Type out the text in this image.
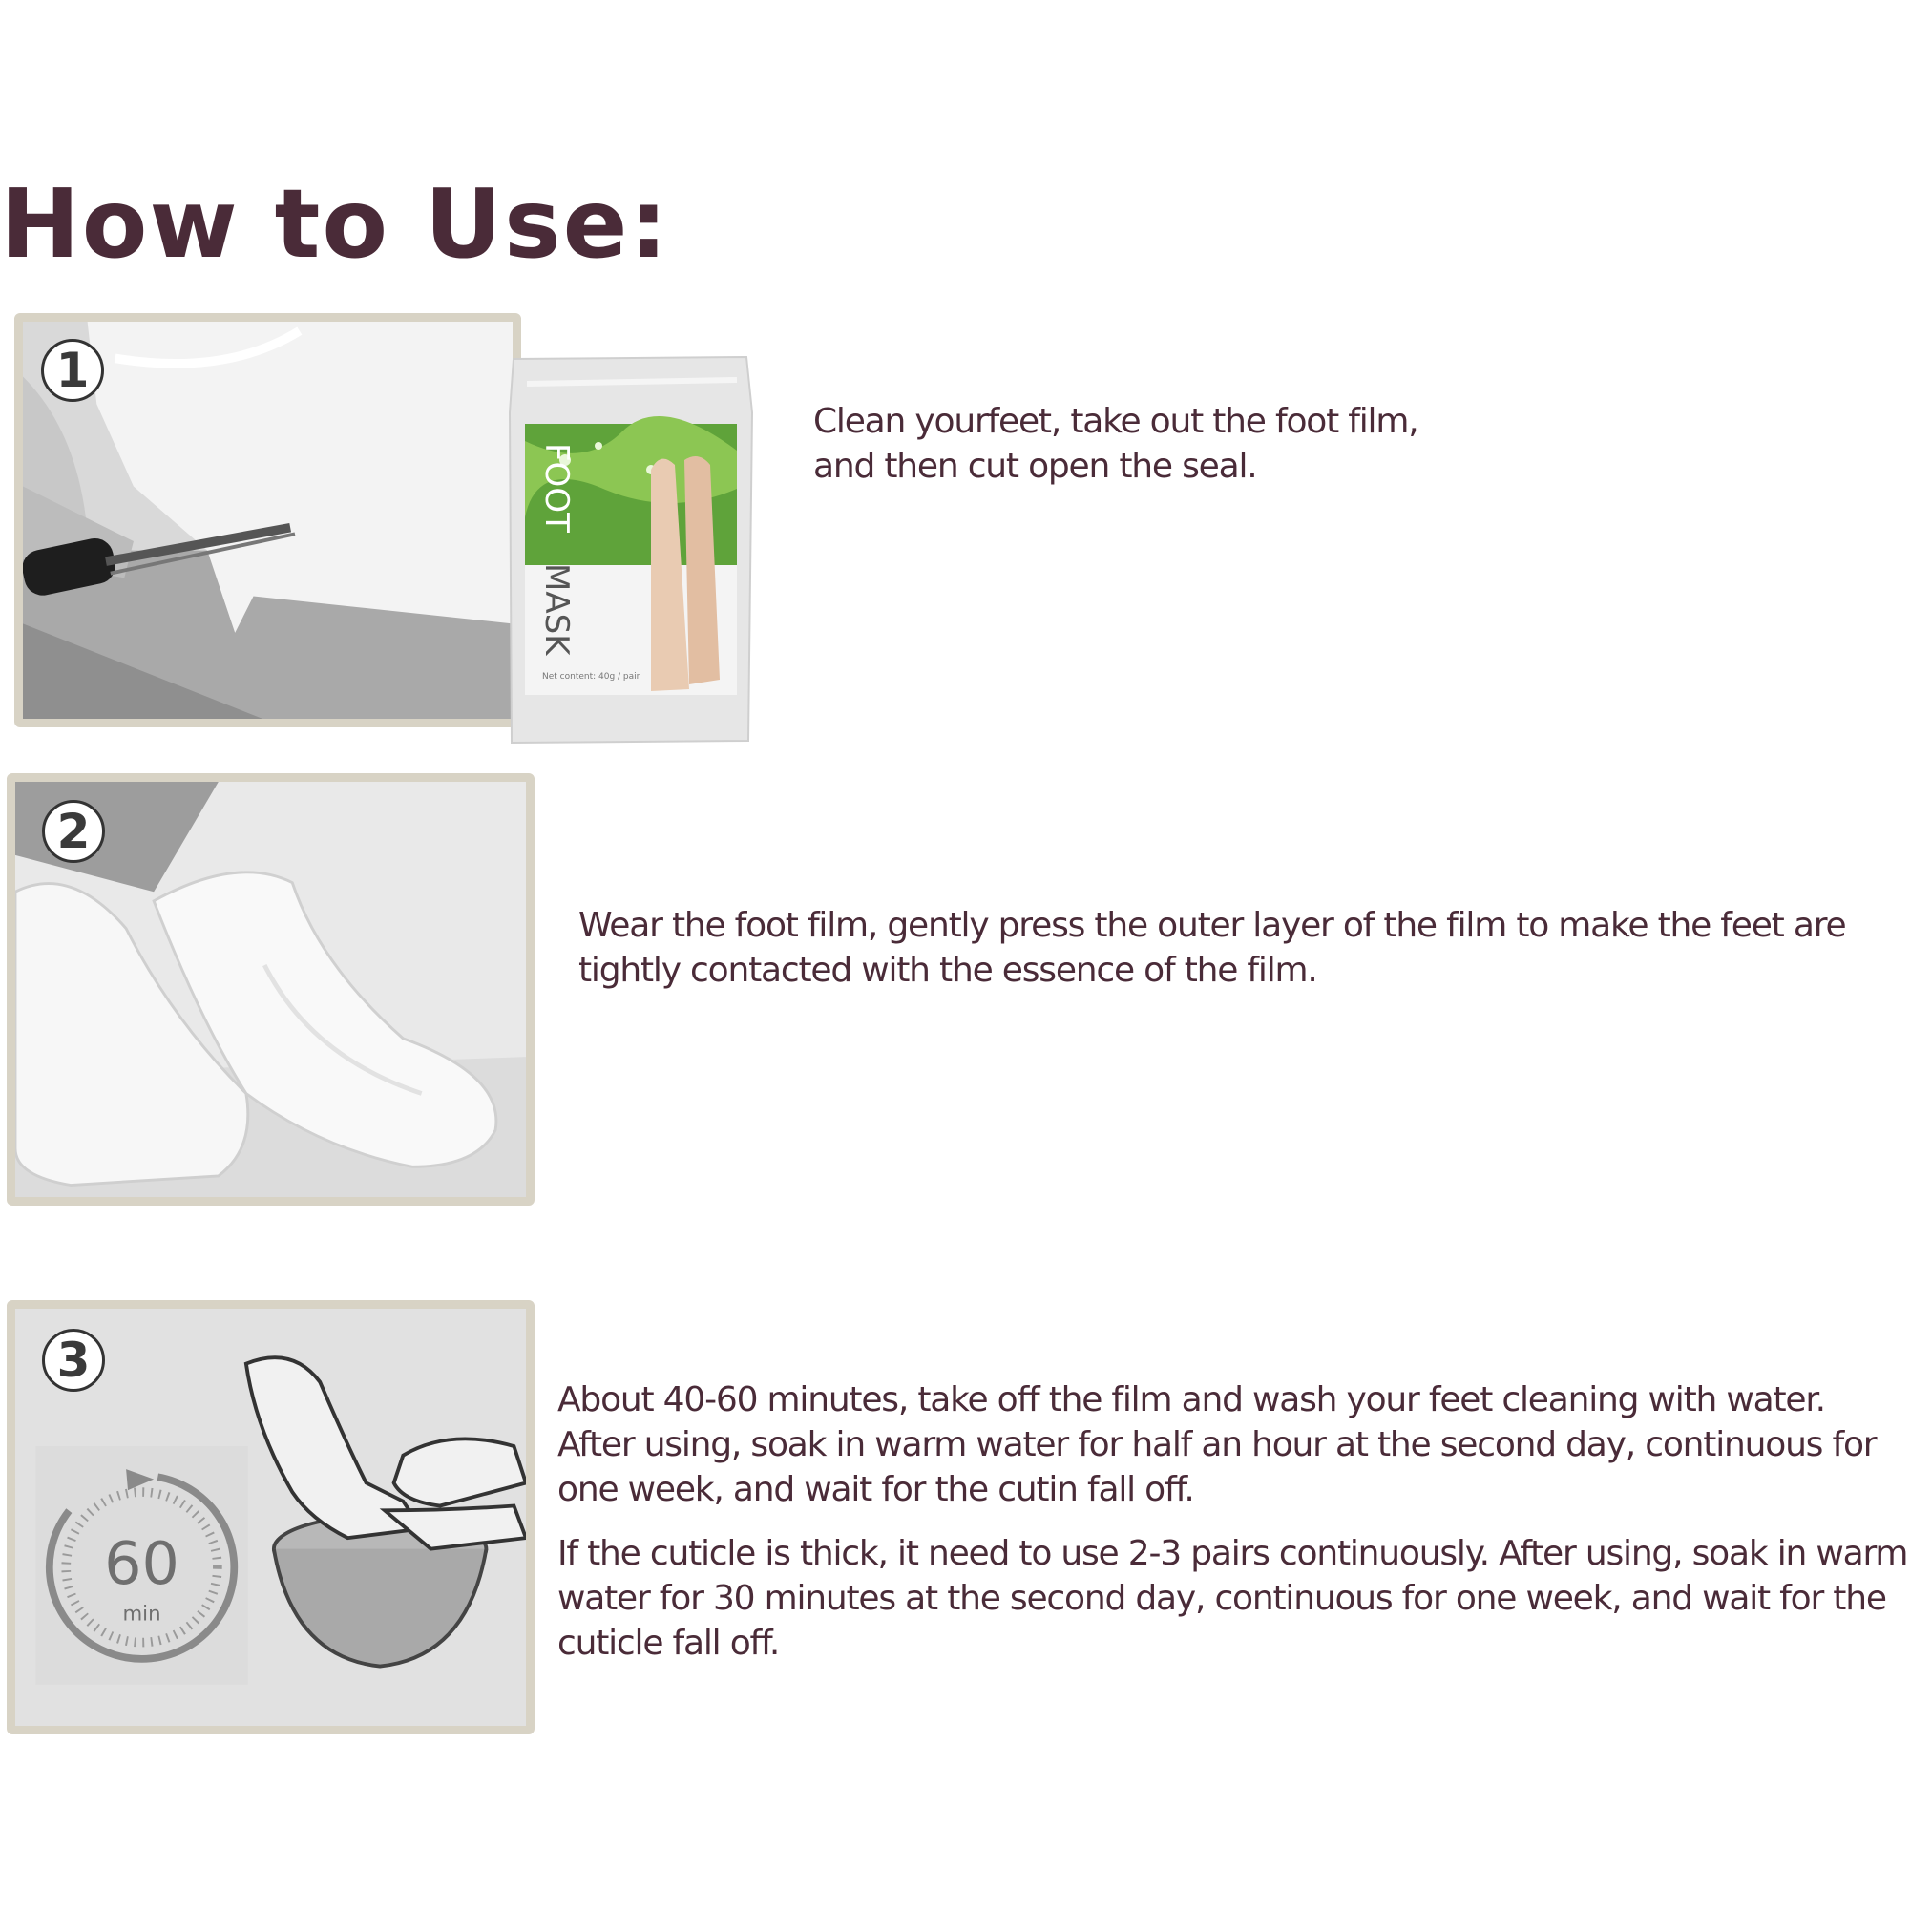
How to Use:
1
FOOT
MASK
Net content: 40g / pair

Clean yourfeet, take out the foot film,

and then cut open the seal.

2

Wear the foot film, gently press the outer layer of the film to make the feet are

tightly contacted with the essence of the film.

60
min
3

About 40-60 minutes, take off the film and wash your feet cleaning with water.

After using, soak in warm water for half an hour at the second day, continuous for

one week, and wait for the cutin fall off.

If the cuticle is thick, it need to use 2-3 pairs continuously. After using, soak in warm

water for 30 minutes at the second day, continuous for one week, and wait for the

cuticle fall off.
